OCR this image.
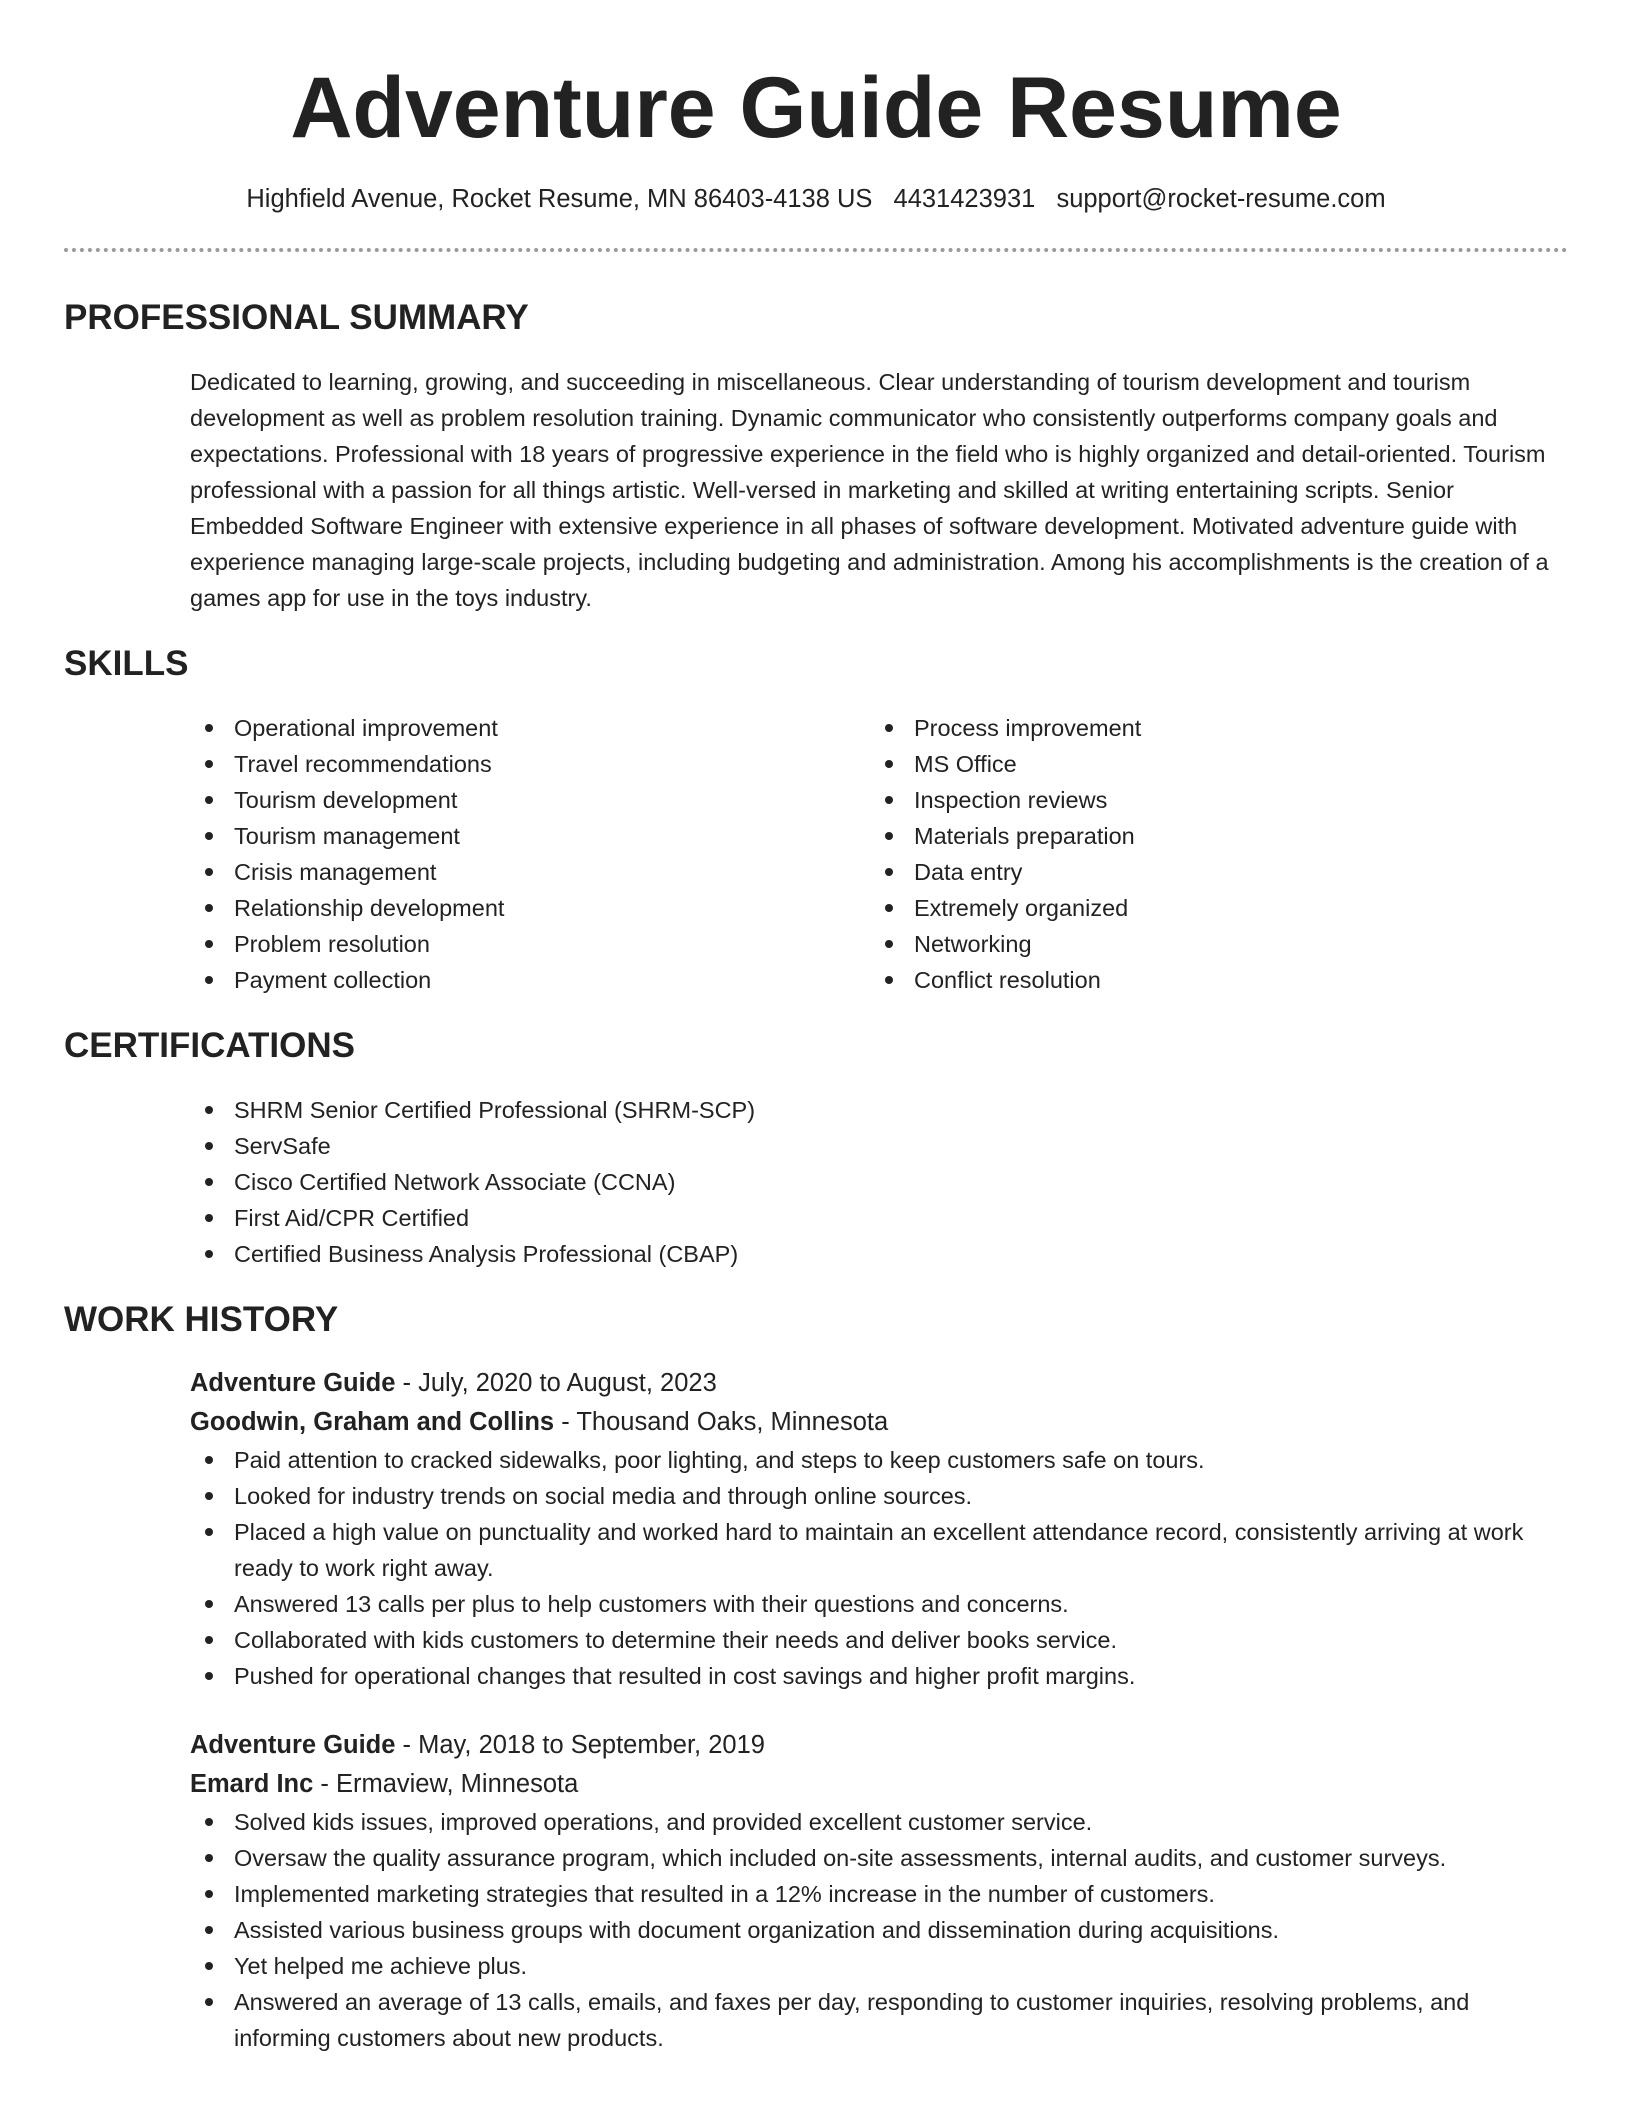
Adventure Guide Resume
Highfield Avenue, Rocket Resume, MN 86403-4138 US 4431423931 support@rocket-resume.com
PROFESSIONAL SUMMARY

Dedicated to learning, growing, and succeeding in miscellaneous. Clear understanding of tourism development and tourism development as well as problem resolution training. Dynamic communicator who consistently outperforms company goals and expectations. Professional with 18 years of progressive experience in the field who is highly organized and detail-oriented. Tourism professional with a passion for all things artistic. Well-versed in marketing and skilled at writing entertaining scripts. Senior Embedded Software Engineer with extensive experience in all phases of software development. Motivated adventure guide with experience managing large-scale projects, including budgeting and administration. Among his accomplishments is the creation of a games app for use in the toys industry.

SKILLS
Operational improvement
Travel recommendations
Tourism development
Tourism management
Crisis management
Relationship development
Problem resolution
Payment collection
Process improvement
MS Office
Inspection reviews
Materials preparation
Data entry
Extremely organized
Networking
Conflict resolution
CERTIFICATIONS
SHRM Senior Certified Professional (SHRM-SCP)
ServSafe
Cisco Certified Network Associate (CCNA)
First Aid/CPR Certified
Certified Business Analysis Professional (CBAP)
WORK HISTORY
Adventure Guide - July, 2020 to August, 2023
Goodwin, Graham and Collins - Thousand Oaks, Minnesota
Paid attention to cracked sidewalks, poor lighting, and steps to keep customers safe on tours.
Looked for industry trends on social media and through online sources.
Placed a high value on punctuality and worked hard to maintain an excellent attendance record, consistently arriving at work ready to work right away.
Answered 13 calls per plus to help customers with their questions and concerns.
Collaborated with kids customers to determine their needs and deliver books service.
Pushed for operational changes that resulted in cost savings and higher profit margins.
Adventure Guide - May, 2018 to September, 2019
Emard Inc - Ermaview, Minnesota
Solved kids issues, improved operations, and provided excellent customer service.
Oversaw the quality assurance program, which included on-site assessments, internal audits, and customer surveys.
Implemented marketing strategies that resulted in a 12% increase in the number of customers.
Assisted various business groups with document organization and dissemination during acquisitions.
Yet helped me achieve plus.
Answered an average of 13 calls, emails, and faxes per day, responding to customer inquiries, resolving problems, and informing customers about new products.
